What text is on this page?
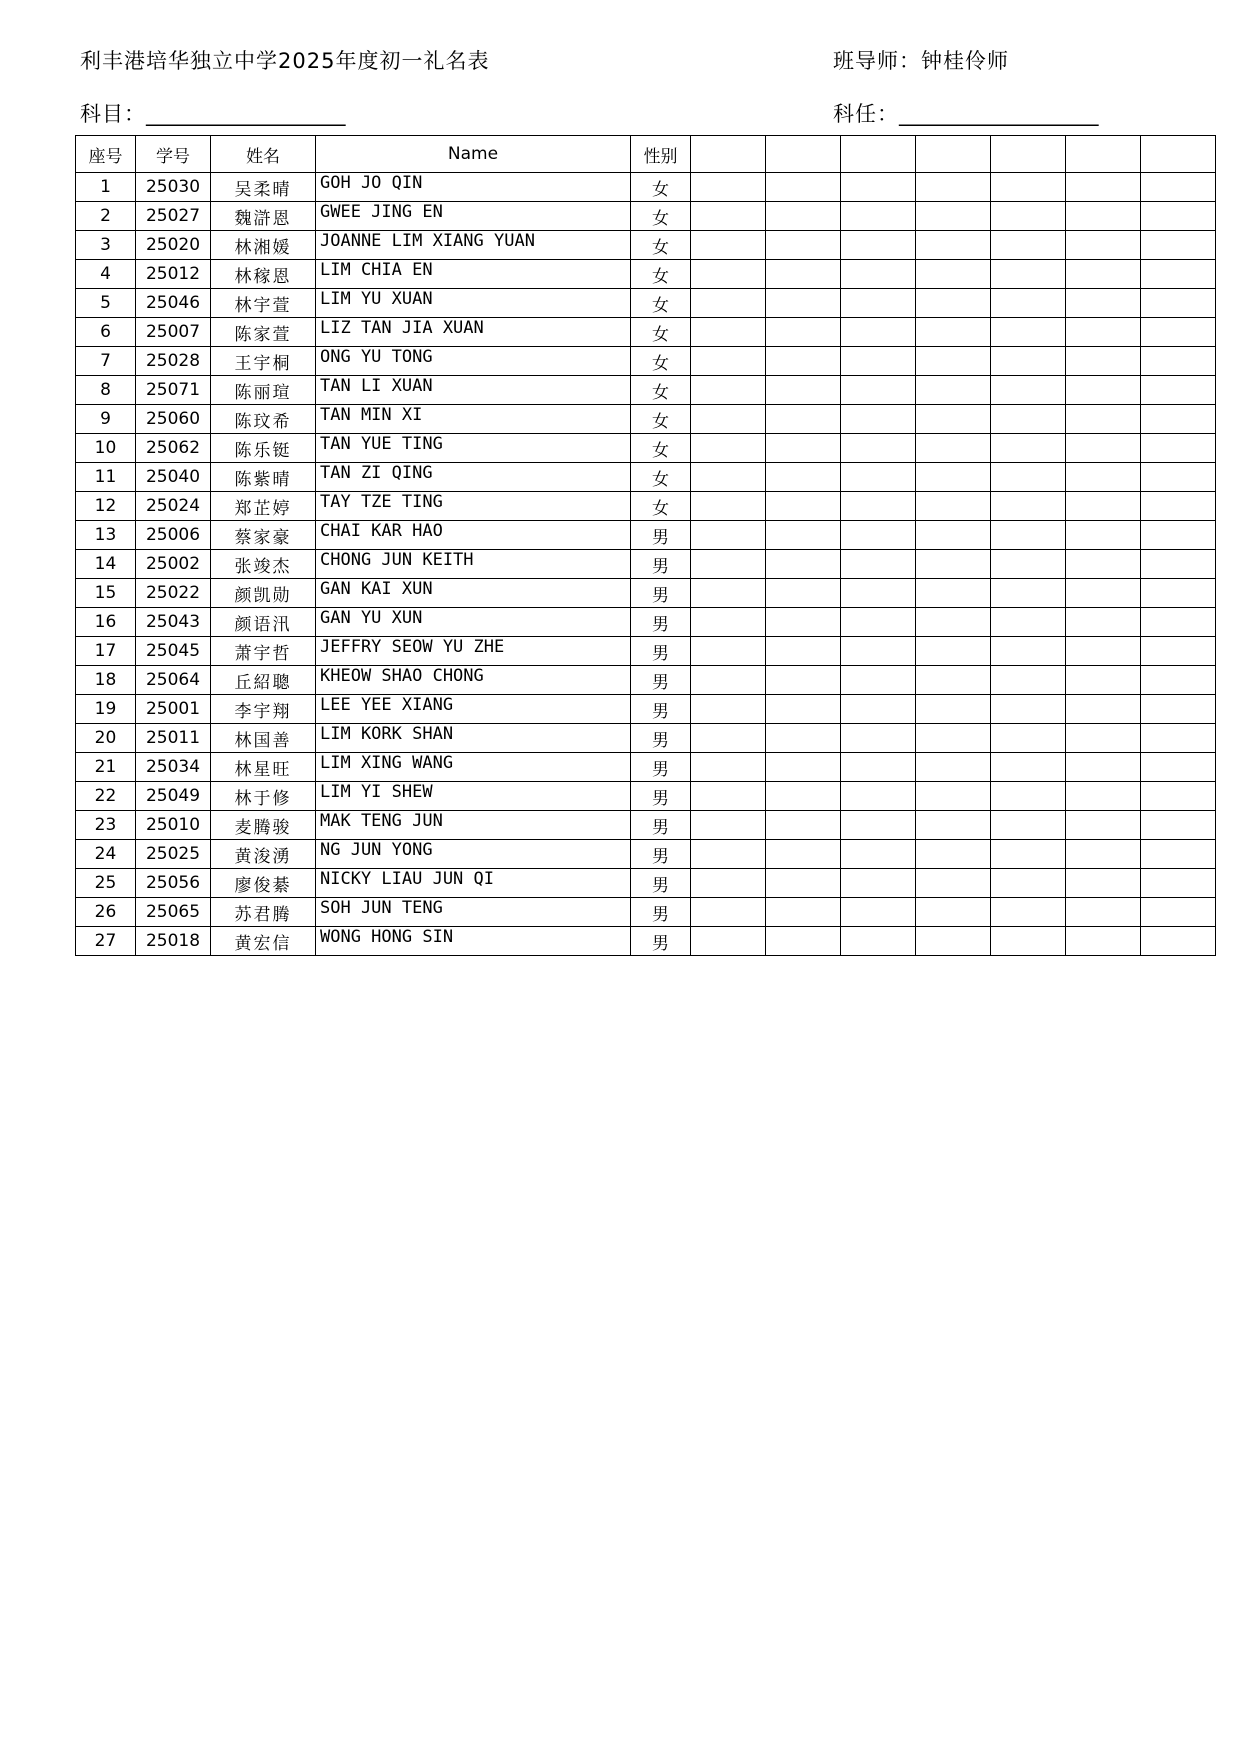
利丰港培华独立中学2025年度初一礼名表	班导师：钟桂伶师
科目：___________________	科任：___________________
座号	学号	姓名	Name	性别							
1	25030	吴柔晴	GOH JO QIN	女							
2	25027	魏滸恩	GWEE JING EN	女							
3	25020	林湘媛	JOANNE LIM XIANG YUAN	女							
4	25012	林稼恩	LIM CHIA EN	女							
5	25046	林宇萱	LIM YU XUAN	女							
6	25007	陈家萱	LIZ TAN JIA XUAN	女							
7	25028	王宇桐	ONG YU TONG	女							
8	25071	陈丽瑄	TAN LI XUAN	女							
9	25060	陈玟希	TAN MIN XI	女							
10	25062	陈乐铤	TAN YUE TING	女							
11	25040	陈紫晴	TAN ZI QING	女							
12	25024	郑芷婷	TAY TZE TING	女							
13	25006	蔡家豪	CHAI KAR HAO	男							
14	25002	张竣杰	CHONG JUN KEITH	男							
15	25022	颜凯勋	GAN KAI XUN	男							
16	25043	颜语汛	GAN YU XUN	男							
17	25045	萧宇哲	JEFFRY SEOW YU ZHE	男							
18	25064	丘紹聰	KHEOW SHAO CHONG	男							
19	25001	李宇翔	LEE YEE XIANG	男							
20	25011	林国善	LIM KORK SHAN	男							
21	25034	林星旺	LIM XING WANG	男							
22	25049	林于修	LIM YI SHEW	男							
23	25010	麦腾骏	MAK TENG JUN	男							
24	25025	黄浚湧	NG JUN YONG	男							
25	25056	廖俊綦	NICKY LIAU JUN QI	男							
26	25065	苏君腾	SOH JUN TENG	男							
27	25018	黄宏信	WONG HONG SIN	男							
